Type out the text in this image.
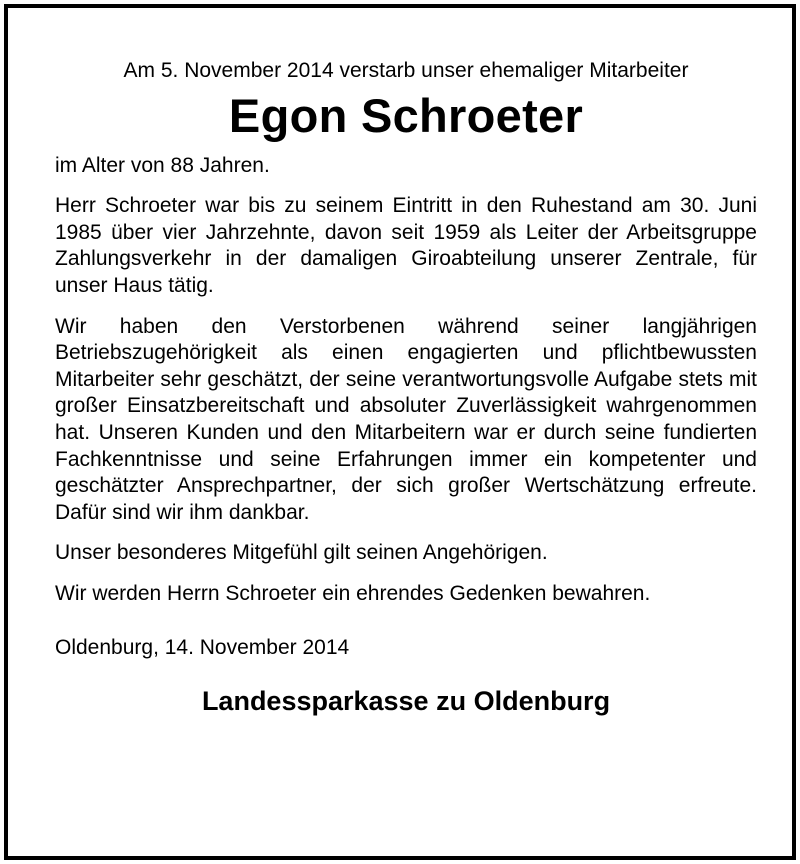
Am 5. November 2014 verstarb unser ehemaliger Mitarbeiter

Egon Schroeter

im Alter von 88 Jahren.

Herr Schroeter war bis zu seinem Eintritt in den Ruhestand am 30. Juni 1985 über vier Jahrzehnte, davon seit 1959 als Leiter der Arbeitsgruppe Zahlungsverkehr in der damaligen Giroabteilung unserer Zentrale, für unser Haus tätig.

Wir haben den Verstorbenen während seiner langjährigen Betriebszugehörigkeit als einen engagierten und pflichtbewussten Mitarbeiter sehr geschätzt, der seine verantwortungsvolle Aufgabe stets mit großer Einsatzbereitschaft und absoluter Zuverlässigkeit wahrgenommen hat. Unseren Kunden und den Mitarbeitern war er durch seine fundierten Fachkenntnisse und seine Erfahrungen immer ein kompetenter und geschätzter Ansprechpartner, der sich großer Wertschätzung erfreute. Dafür sind wir ihm dankbar.

Unser besonderes Mitgefühl gilt seinen Angehörigen.

Wir werden Herrn Schroeter ein ehrendes Gedenken bewahren.

Oldenburg, 14. November 2014

Landessparkasse zu Oldenburg
